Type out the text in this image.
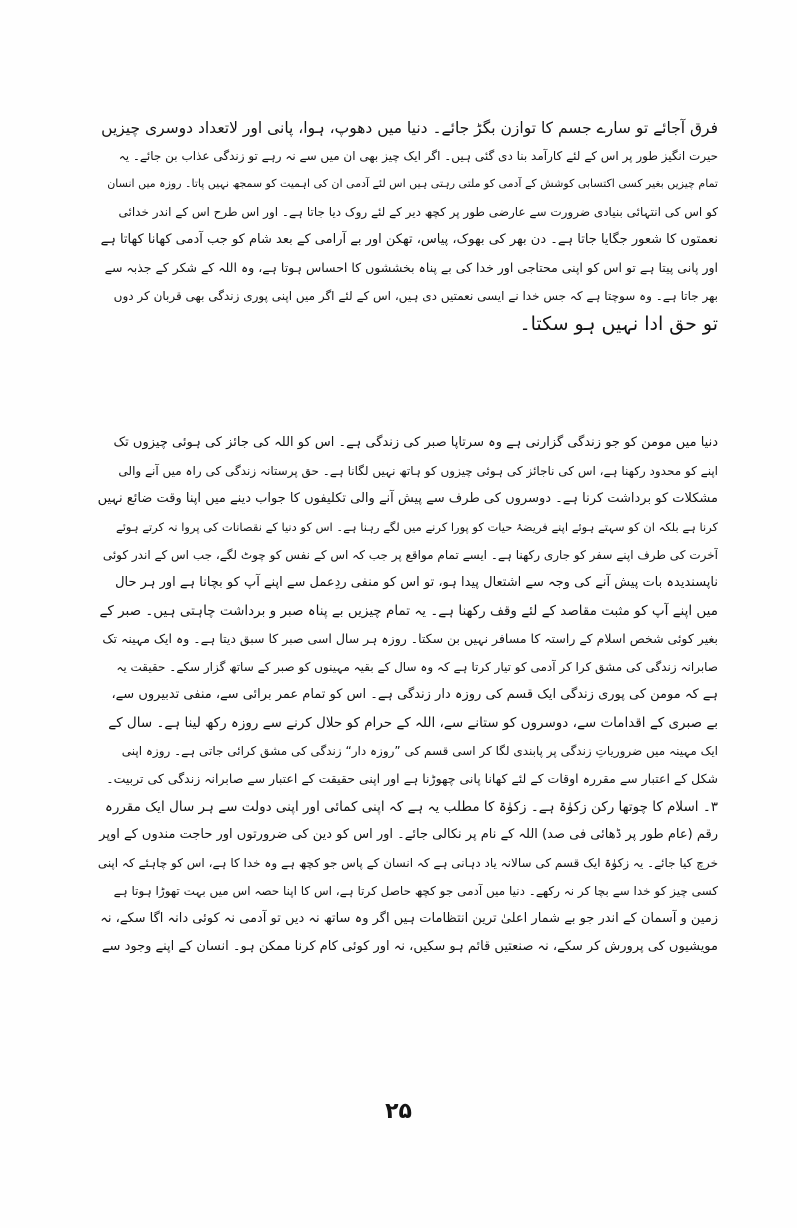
فرق آجائے تو سارے جسم کا توازن بگڑ جائے۔ دنیا میں دھوپ، ہوا، پانی اور لاتعداد دوسری چیزیں
حیرت انگیز طور پر اس کے لئے کارآمد بنا دی گئی ہیں۔ اگر ایک چیز بھی ان میں سے نہ رہے تو زندگی عذاب بن جائے۔ یہ
تمام چیزیں بغیر کسی اکتسابی کوشش کے آدمی کو ملتی رہتی ہیں اس لئے آدمی ان کی اہمیت کو سمجھ نہیں پاتا۔ روزہ میں انسان
کو اس کی انتہائی بنیادی ضرورت سے عارضی طور پر کچھ دیر کے لئے روک دیا جاتا ہے۔ اور اس طرح اس کے اندر خدائی
نعمتوں کا شعور جگایا جاتا ہے۔ دن بھر کی بھوک، پیاس، تھکن اور بے آرامی کے بعد شام کو جب آدمی کھانا کھاتا ہے
اور پانی پیتا ہے تو اس کو اپنی محتاجی اور خدا کی بے پناہ بخششوں کا احساس ہوتا ہے، وہ اللہ کے شکر کے جذبہ سے
بھر جاتا ہے۔ وہ سوچتا ہے کہ جس خدا نے ایسی نعمتیں دی ہیں، اس کے لئے اگر میں اپنی پوری زندگی بھی قربان کر دوں
تو حق ادا نہیں ہو سکتا۔
دنیا میں مومن کو جو زندگی گزارنی ہے وہ سرتاپا صبر کی زندگی ہے۔ اس کو اللہ کی جائز کی ہوئی چیزوں تک
اپنے کو محدود رکھنا ہے، اس کی ناجائز کی ہوئی چیزوں کو ہاتھ نہیں لگانا ہے۔ حق پرستانہ زندگی کی راہ میں آنے والی
مشکلات کو برداشت کرنا ہے۔ دوسروں کی طرف سے پیش آنے والی تکلیفوں کا جواب دینے میں اپنا وقت ضائع نہیں
کرنا ہے بلکہ ان کو سہتے ہوئے اپنے فریضۂ حیات کو پورا کرنے میں لگے رہنا ہے۔ اس کو دنیا کے نقصانات کی پروا نہ کرتے ہوئے
آخرت کی طرف اپنے سفر کو جاری رکھنا ہے۔ ایسے تمام مواقع پر جب کہ اس کے نفس کو چوٹ لگے، جب اس کے اندر کوئی
ناپسندیدہ بات پیش آنے کی وجہ سے اشتعال پیدا ہو، تو اس کو منفی ردِعمل سے اپنے آپ کو بچانا ہے اور ہر حال
میں اپنے آپ کو مثبت مقاصد کے لئے وقف رکھنا ہے۔ یہ تمام چیزیں بے پناہ صبر و برداشت چاہتی ہیں۔ صبر کے
بغیر کوئی شخص اسلام کے راستہ کا مسافر نہیں بن سکتا۔ روزہ ہر سال اسی صبر کا سبق دیتا ہے۔ وہ ایک مہینہ تک
صابرانہ زندگی کی مشق کرا کر آدمی کو تیار کرتا ہے کہ وہ سال کے بقیہ مہینوں کو صبر کے ساتھ گزار سکے۔ حقیقت یہ
ہے کہ مومن کی پوری زندگی ایک قسم کی روزہ دار زندگی ہے۔ اس کو تمام عمر برائی سے، منفی تدبیروں سے،
بے صبری کے اقدامات سے، دوسروں کو ستانے سے، اللہ کے حرام کو حلال کرنے سے روزہ رکھ لینا ہے۔ سال کے
ایک مہینہ میں ضروریاتِ زندگی پر پابندی لگا کر اسی قسم کی ”روزہ دار“ زندگی کی مشق کرائی جاتی ہے۔ روزہ اپنی
شکل کے اعتبار سے مقررہ اوقات کے لئے کھانا پانی چھوڑنا ہے اور اپنی حقیقت کے اعتبار سے صابرانہ زندگی کی تربیت۔
۳۔ اسلام کا چوتھا رکن زکوٰۃ ہے۔ زکوٰۃ کا مطلب یہ ہے کہ اپنی کمائی اور اپنی دولت سے ہر سال ایک مقررہ
رقم (عام طور پر ڈھائی فی صد) اللہ کے نام پر نکالی جائے۔ اور اس کو دین کی ضرورتوں اور حاجت مندوں کے اوپر
خرچ کیا جائے۔ یہ زکوٰۃ ایک قسم کی سالانہ یاد دہانی ہے کہ انسان کے پاس جو کچھ ہے وہ خدا کا ہے، اس کو چاہئے کہ اپنی
کسی چیز کو خدا سے بچا کر نہ رکھے۔ دنیا میں آدمی جو کچھ حاصل کرتا ہے، اس کا اپنا حصہ اس میں بہت تھوڑا ہوتا ہے
زمین و آسمان کے اندر جو بے شمار اعلیٰ ترین انتظامات ہیں اگر وہ ساتھ نہ دیں تو آدمی نہ کوئی دانہ اگا سکے، نہ
مویشیوں کی پرورش کر سکے، نہ صنعتیں قائم ہو سکیں، نہ اور کوئی کام کرنا ممکن ہو۔ انسان کے اپنے وجود سے
۲۵
